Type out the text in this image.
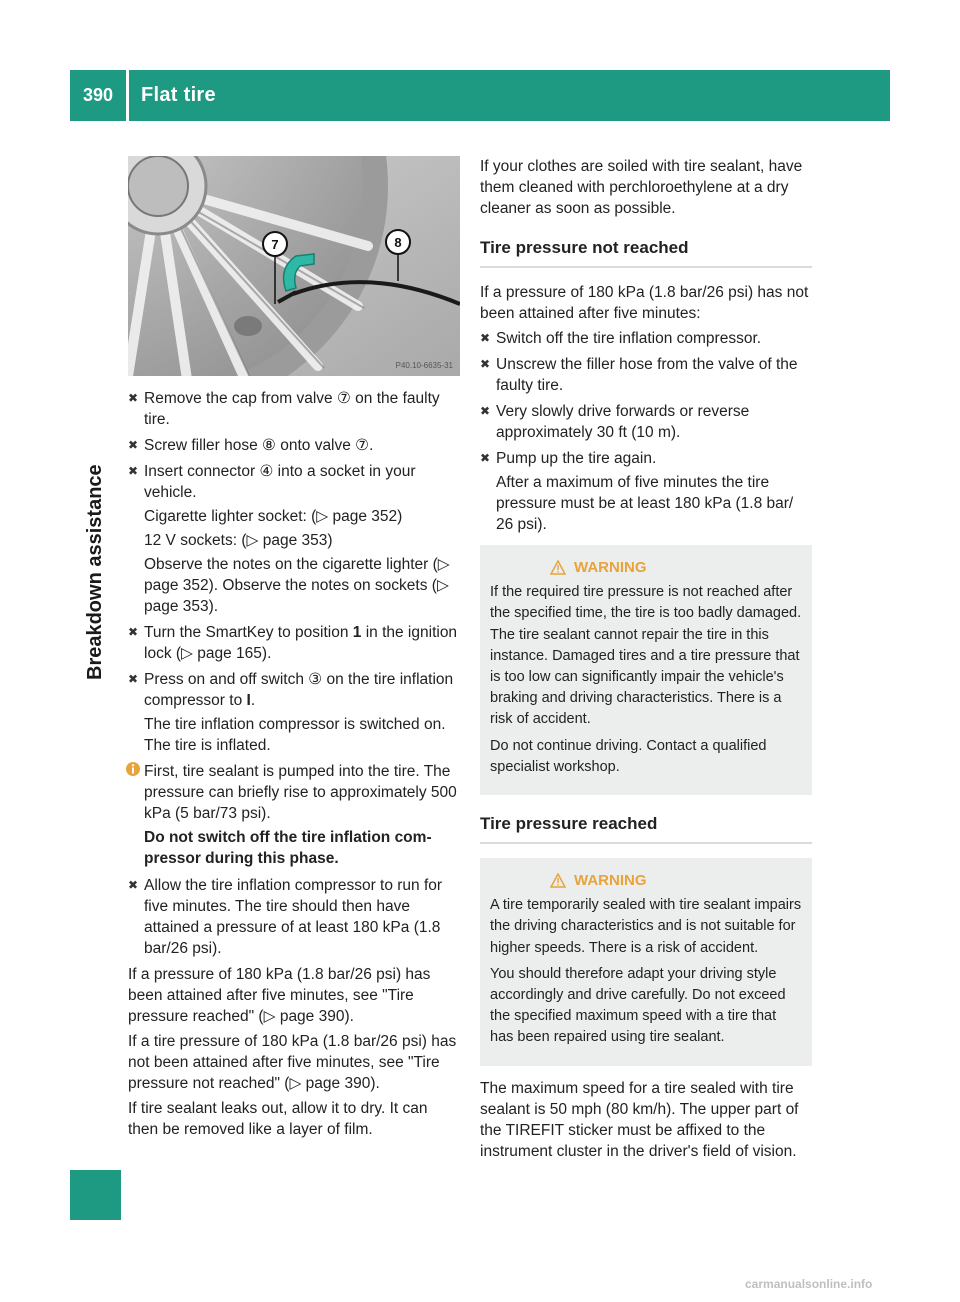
390	Flat tire
Breakdown assistance
7	8
P40.10-6635-31
✖ Remove the cap from valve ⑦ on the faulty tire.
✖ Screw filler hose ⑧ onto valve ⑦.
✖ Insert connector ④ into a socket in your vehicle.
Cigarette lighter socket: (▷ page 352)
12 V sockets: (▷ page 353)
Observe the notes on the cigarette lighter (▷ page 352). Observe the notes on sockets (▷ page 353).
✖ Turn the SmartKey to position 1 in the ignition lock (▷ page 165).
✖ Press on and off switch ③ on the tire inflation compressor to I.
The tire inflation compressor is switched on. The tire is inflated.
First, tire sealant is pumped into the tire. The pressure can briefly rise to approximately 500 kPa (5 bar/73 psi).
Do not switch off the tire inflation compressor during this phase.
✖ Allow the tire inflation compressor to run for five minutes. The tire should then have attained a pressure of at least 180 kPa (1.8 bar/26 psi).

If a pressure of 180 kPa (1.8 bar/26 psi) has been attained after five minutes, see "Tire pressure reached" (▷ page 390).

If a tire pressure of 180 kPa (1.8 bar/26 psi) has not been attained after five minutes, see "Tire pressure not reached" (▷ page 390).

If tire sealant leaks out, allow it to dry. It can then be removed like a layer of film.

If your clothes are soiled with tire sealant, have them cleaned with perchloroethylene at a dry cleaner as soon as possible.

Tire pressure not reached

If a pressure of 180 kPa (1.8 bar/26 psi) has not been attained after five minutes:

✖ Switch off the tire inflation compressor.
✖ Unscrew the filler hose from the valve of the faulty tire.
✖ Very slowly drive forwards or reverse approximately 30 ft (10 m).
✖ Pump up the tire again.
After a maximum of five minutes the tire pressure must be at least 180 kPa (1.8 bar/ 26 psi).
WARNING

If the required tire pressure is not reached after the specified time, the tire is too badly damaged. The tire sealant cannot repair the tire in this instance. Damaged tires and a tire pressure that is too low can significantly impair the vehicle's braking and driving characteristics. There is a risk of accident.

Do not continue driving. Contact a qualified specialist workshop.

Tire pressure reached
WARNING

A tire temporarily sealed with tire sealant impairs the driving characteristics and is not suitable for higher speeds. There is a risk of accident.

You should therefore adapt your driving style accordingly and drive carefully. Do not exceed the specified maximum speed with a tire that has been repaired using tire sealant.

The maximum speed for a tire sealed with tire sealant is 50 mph (80 km/h). The upper part of the TIREFIT sticker must be affixed to the instrument cluster in the driver's field of vision.

carmanualsonline.info
